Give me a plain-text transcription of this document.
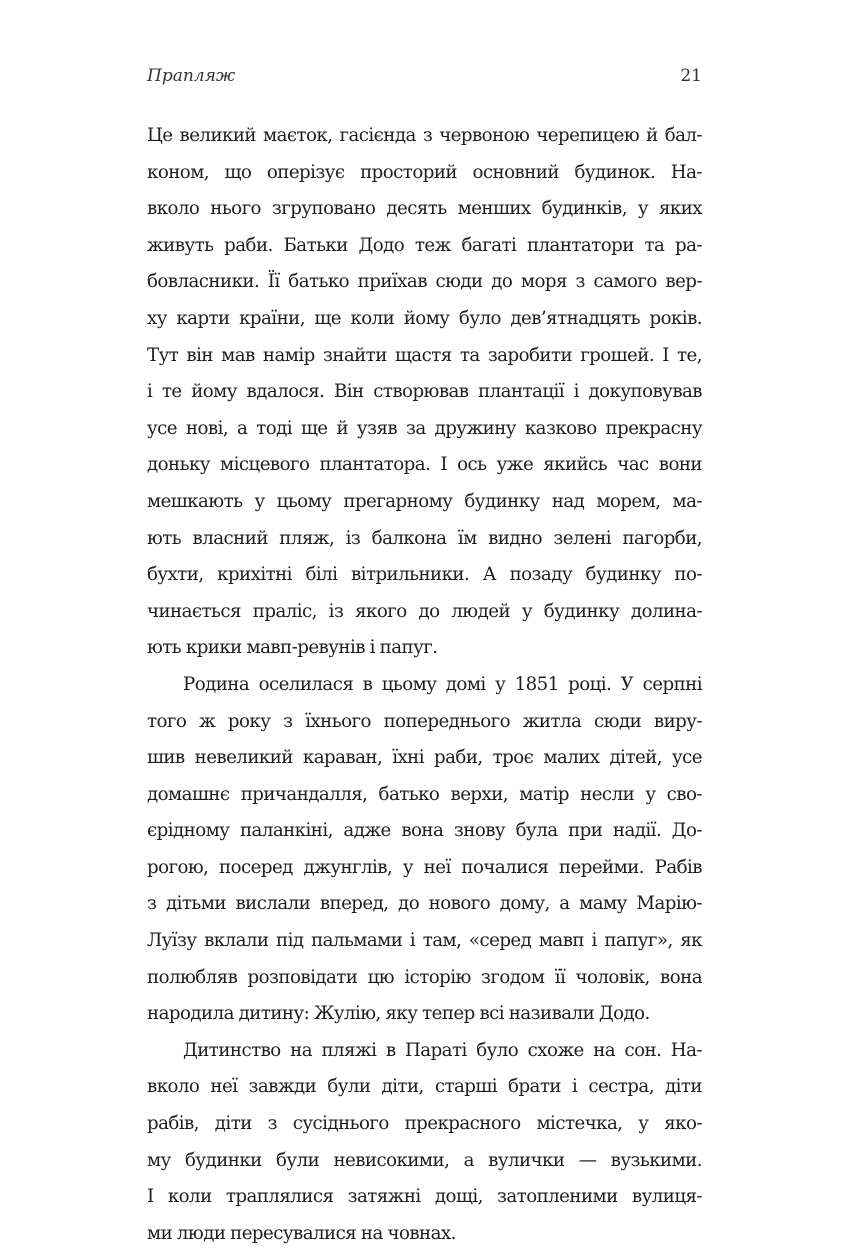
Прапляж	21
Це великий маєток, гасієнда з червоною черепицею й бал-
коном, що оперізує просторий основний будинок. На-
вколо нього згруповано десять менших будинків, у яких
живуть раби. Батьки Додо теж багаті плантатори та ра-
бовласники. Її батько приїхав сюди до моря з самого вер-
ху карти країни, ще коли йому було дев’ятнадцять років.
Тут він мав намір знайти щастя та заробити грошей. І те,
і те йому вдалося. Він створював плантації і докуповував
усе нові, а тоді ще й узяв за дружину казково прекрасну
доньку місцевого плантатора. І ось уже якийсь час вони
мешкають у цьому прегарному будинку над морем, ма-
ють власний пляж, із балкона їм видно зелені пагорби,
бухти, крихітні білі вітрильники. А позаду будинку по-
чинається праліс, із якого до людей у будинку долина-
ють крики мавп-ревунів і папуг.
Родина оселилася в цьому домі у 1851 році. У серпні
того ж року з їхнього попереднього житла сюди виру-
шив невеликий караван, їхні раби, троє малих дітей, усе
домашнє причандалля, батько верхи, матір несли у сво-
єрідному паланкіні, адже вона знову була при надії. До-
рогою, посеред джунглів, у неї почалися перейми. Рабів
з дітьми вислали вперед, до нового дому, а маму Марію-
Луїзу вклали під пальмами і там, «серед мавп і папуг», як
полюбляв розповідати цю історію згодом її чоловік, вона
народила дитину: Жулію, яку тепер всі називали Додо.
Дитинство на пляжі в Параті було схоже на сон. На-
вколо неї завжди були діти, старші брати і сестра, діти
рабів, діти з сусіднього прекрасного містечка, у яко-
му будинки були невисокими, а вулички — вузькими.
І коли траплялися затяжні дощі, затопленими вулиця-
ми люди пересувалися на човнах.
